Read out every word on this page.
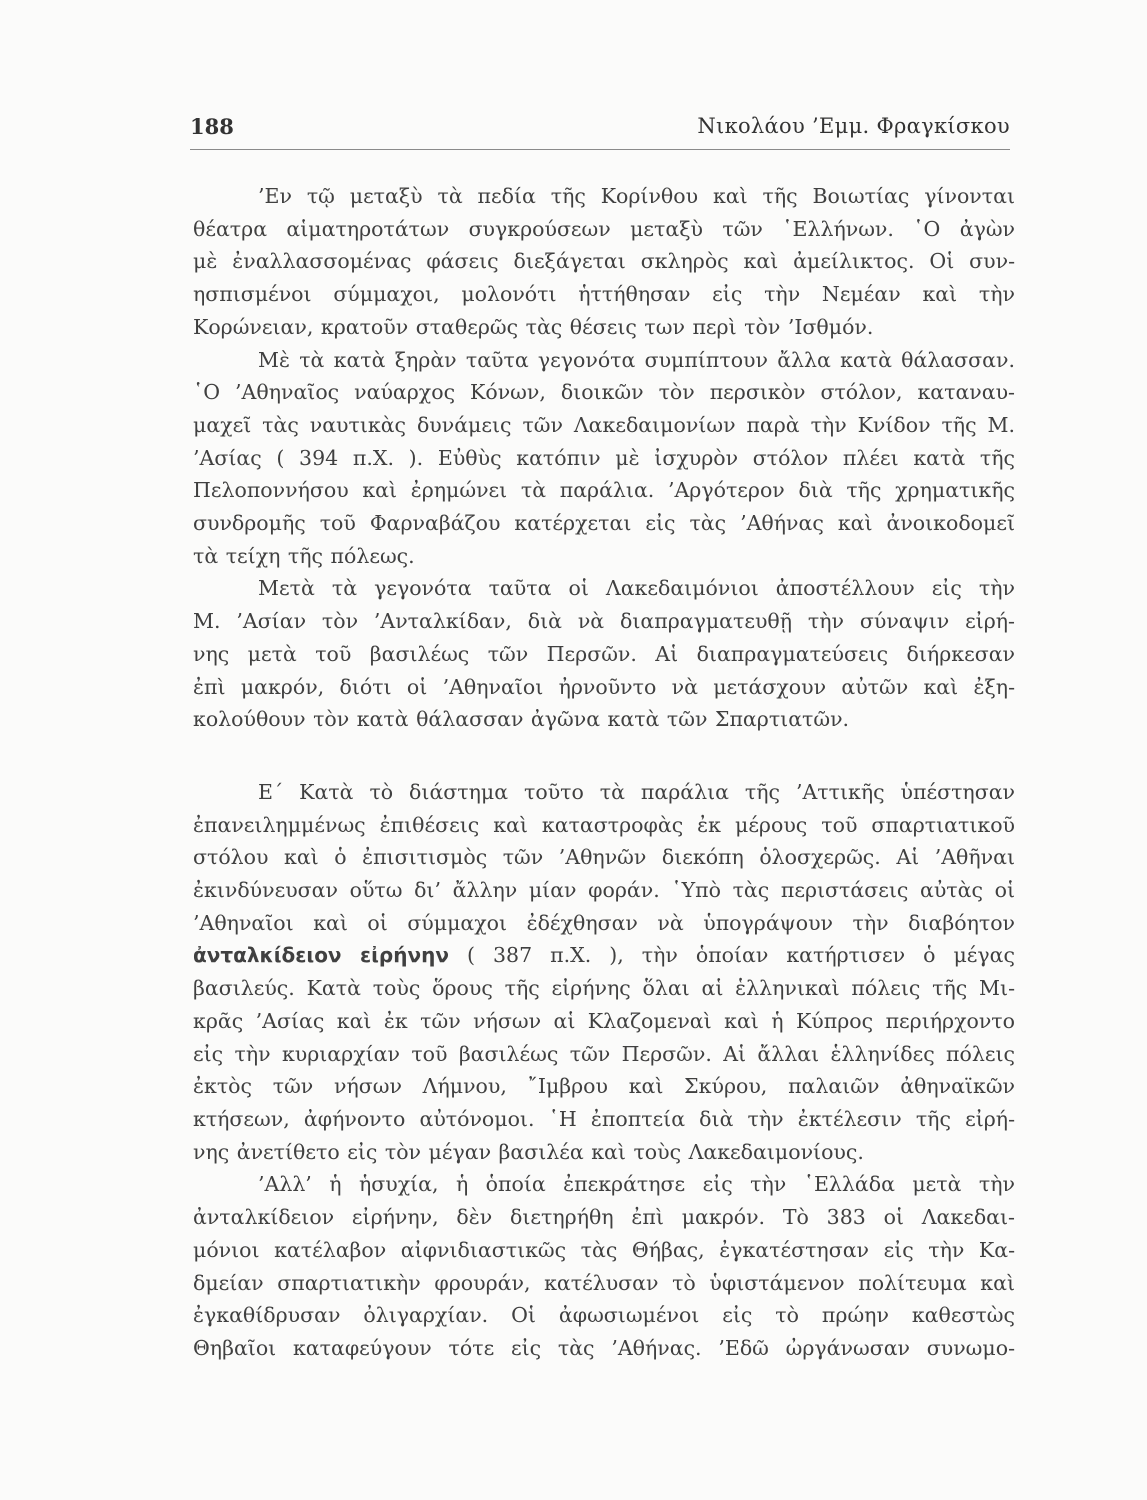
188	Νικολάου ’Εμμ. Φραγκίσκου
’Εν τῷ μεταξὺ τὰ πεδία τῆς Κορίνθου καὶ τῆς Βοιωτίας γίνονται
θέατρα αἱματηροτάτων συγκρούσεων μεταξὺ τῶν ῾Ελλήνων. ῾Ο ἀγὼν
μὲ ἐναλλασσομένας φάσεις διεξάγεται σκληρὸς καὶ ἀμείλικτος. Οἱ συν-
ησπισμένοι σύμμαχοι, μολονότι ἡττήθησαν εἰς τὴν Νεμέαν καὶ τὴν
Κορώνειαν, κρατοῦν σταθερῶς τὰς θέσεις των περὶ τὸν ’Ισθμόν.
Μὲ τὰ κατὰ ξηρὰν ταῦτα γεγονότα συμπίπτουν ἄλλα κατὰ θάλασσαν.
῾Ο ’Αθηναῖος ναύαρχος Κόνων, διοικῶν τὸν περσικὸν στόλον, καταναυ-
μαχεῖ τὰς ναυτικὰς δυνάμεις τῶν Λακεδαιμονίων παρὰ τὴν Κνίδον τῆς Μ.
’Ασίας ( 394 π.Χ. ). Εὐθὺς κατόπιν μὲ ἰσχυρὸν στόλον πλέει κατὰ τῆς
Πελοποννήσου καὶ ἐρημώνει τὰ παράλια. ’Αργότερον διὰ τῆς χρηματικῆς
συνδρομῆς τοῦ Φαρναβάζου κατέρχεται εἰς τὰς ’Αθήνας καὶ ἀνοικοδομεῖ
τὰ τείχη τῆς πόλεως.
Μετὰ τὰ γεγονότα ταῦτα οἱ Λακεδαιμόνιοι ἀποστέλλουν εἰς τὴν
Μ. ’Ασίαν τὸν ’Ανταλκίδαν, διὰ νὰ διαπραγματευθῇ τὴν σύναψιν εἰρή-
νης μετὰ τοῦ βασιλέως τῶν Περσῶν. Αἱ διαπραγματεύσεις διήρκεσαν
ἐπὶ μακρόν, διότι οἱ ’Αθηναῖοι ἠρνοῦντο νὰ μετάσχουν αὐτῶν καὶ ἐξη-
κολούθουν τὸν κατὰ θάλασσαν ἀγῶνα κατὰ τῶν Σπαρτιατῶν.
Ε΄ Κατὰ τὸ διάστημα τοῦτο τὰ παράλια τῆς ’Αττικῆς ὑπέστησαν
ἐπανειλημμένως ἐπιθέσεις καὶ καταστροφὰς ἐκ μέρους τοῦ σπαρτιατικοῦ
στόλου καὶ ὁ ἐπισιτισμὸς τῶν ’Αθηνῶν διεκόπη ὁλοσχερῶς. Αἱ ’Αθῆναι
ἐκινδύνευσαν οὕτω δι’ ἄλλην μίαν φοράν. ῾Υπὸ τὰς περιστάσεις αὐτὰς οἱ
’Αθηναῖοι καὶ οἱ σύμμαχοι ἐδέχθησαν νὰ ὑπογράψουν τὴν διαβόητον
ἀνταλκίδειον εἰρήνην ( 387 π.Χ. ), τὴν ὁποίαν κατήρτισεν ὁ μέγας
βασιλεύς. Κατὰ τοὺς ὅρους τῆς εἰρήνης ὅλαι αἱ ἑλληνικαὶ πόλεις τῆς Μι-
κρᾶς ’Ασίας καὶ ἐκ τῶν νήσων αἱ Κλαζομεναὶ καὶ ἡ Κύπρος περιήρχοντο
εἰς τὴν κυριαρχίαν τοῦ βασιλέως τῶν Περσῶν. Αἱ ἄλλαι ἑλληνίδες πόλεις
ἐκτὸς τῶν νήσων Λήμνου, ῎Ιμβρου καὶ Σκύρου, παλαιῶν ἀθηναϊκῶν
κτήσεων, ἀφήνοντο αὐτόνομοι. ῾Η ἐποπτεία διὰ τὴν ἐκτέλεσιν τῆς εἰρή-
νης ἀνετίθετο εἰς τὸν μέγαν βασιλέα καὶ τοὺς Λακεδαιμονίους.
’Αλλ’ ἡ ἡσυχία, ἡ ὁποία ἐπεκράτησε εἰς τὴν ῾Ελλάδα μετὰ τὴν
ἀνταλκίδειον εἰρήνην, δὲν διετηρήθη ἐπὶ μακρόν. Τὸ 383 οἱ Λακεδαι-
μόνιοι κατέλαβον αἰφνιδιαστικῶς τὰς Θήβας, ἐγκατέστησαν εἰς τὴν Κα-
δμείαν σπαρτιατικὴν φρουράν, κατέλυσαν τὸ ὑφιστάμενον πολίτευμα καὶ
ἐγκαθίδρυσαν ὀλιγαρχίαν. Οἱ ἀφωσιωμένοι εἰς τὸ πρώην καθεστὼς
Θηβαῖοι καταφεύγουν τότε εἰς τὰς ’Αθήνας. ’Εδῶ ὠργάνωσαν συνωμο-
